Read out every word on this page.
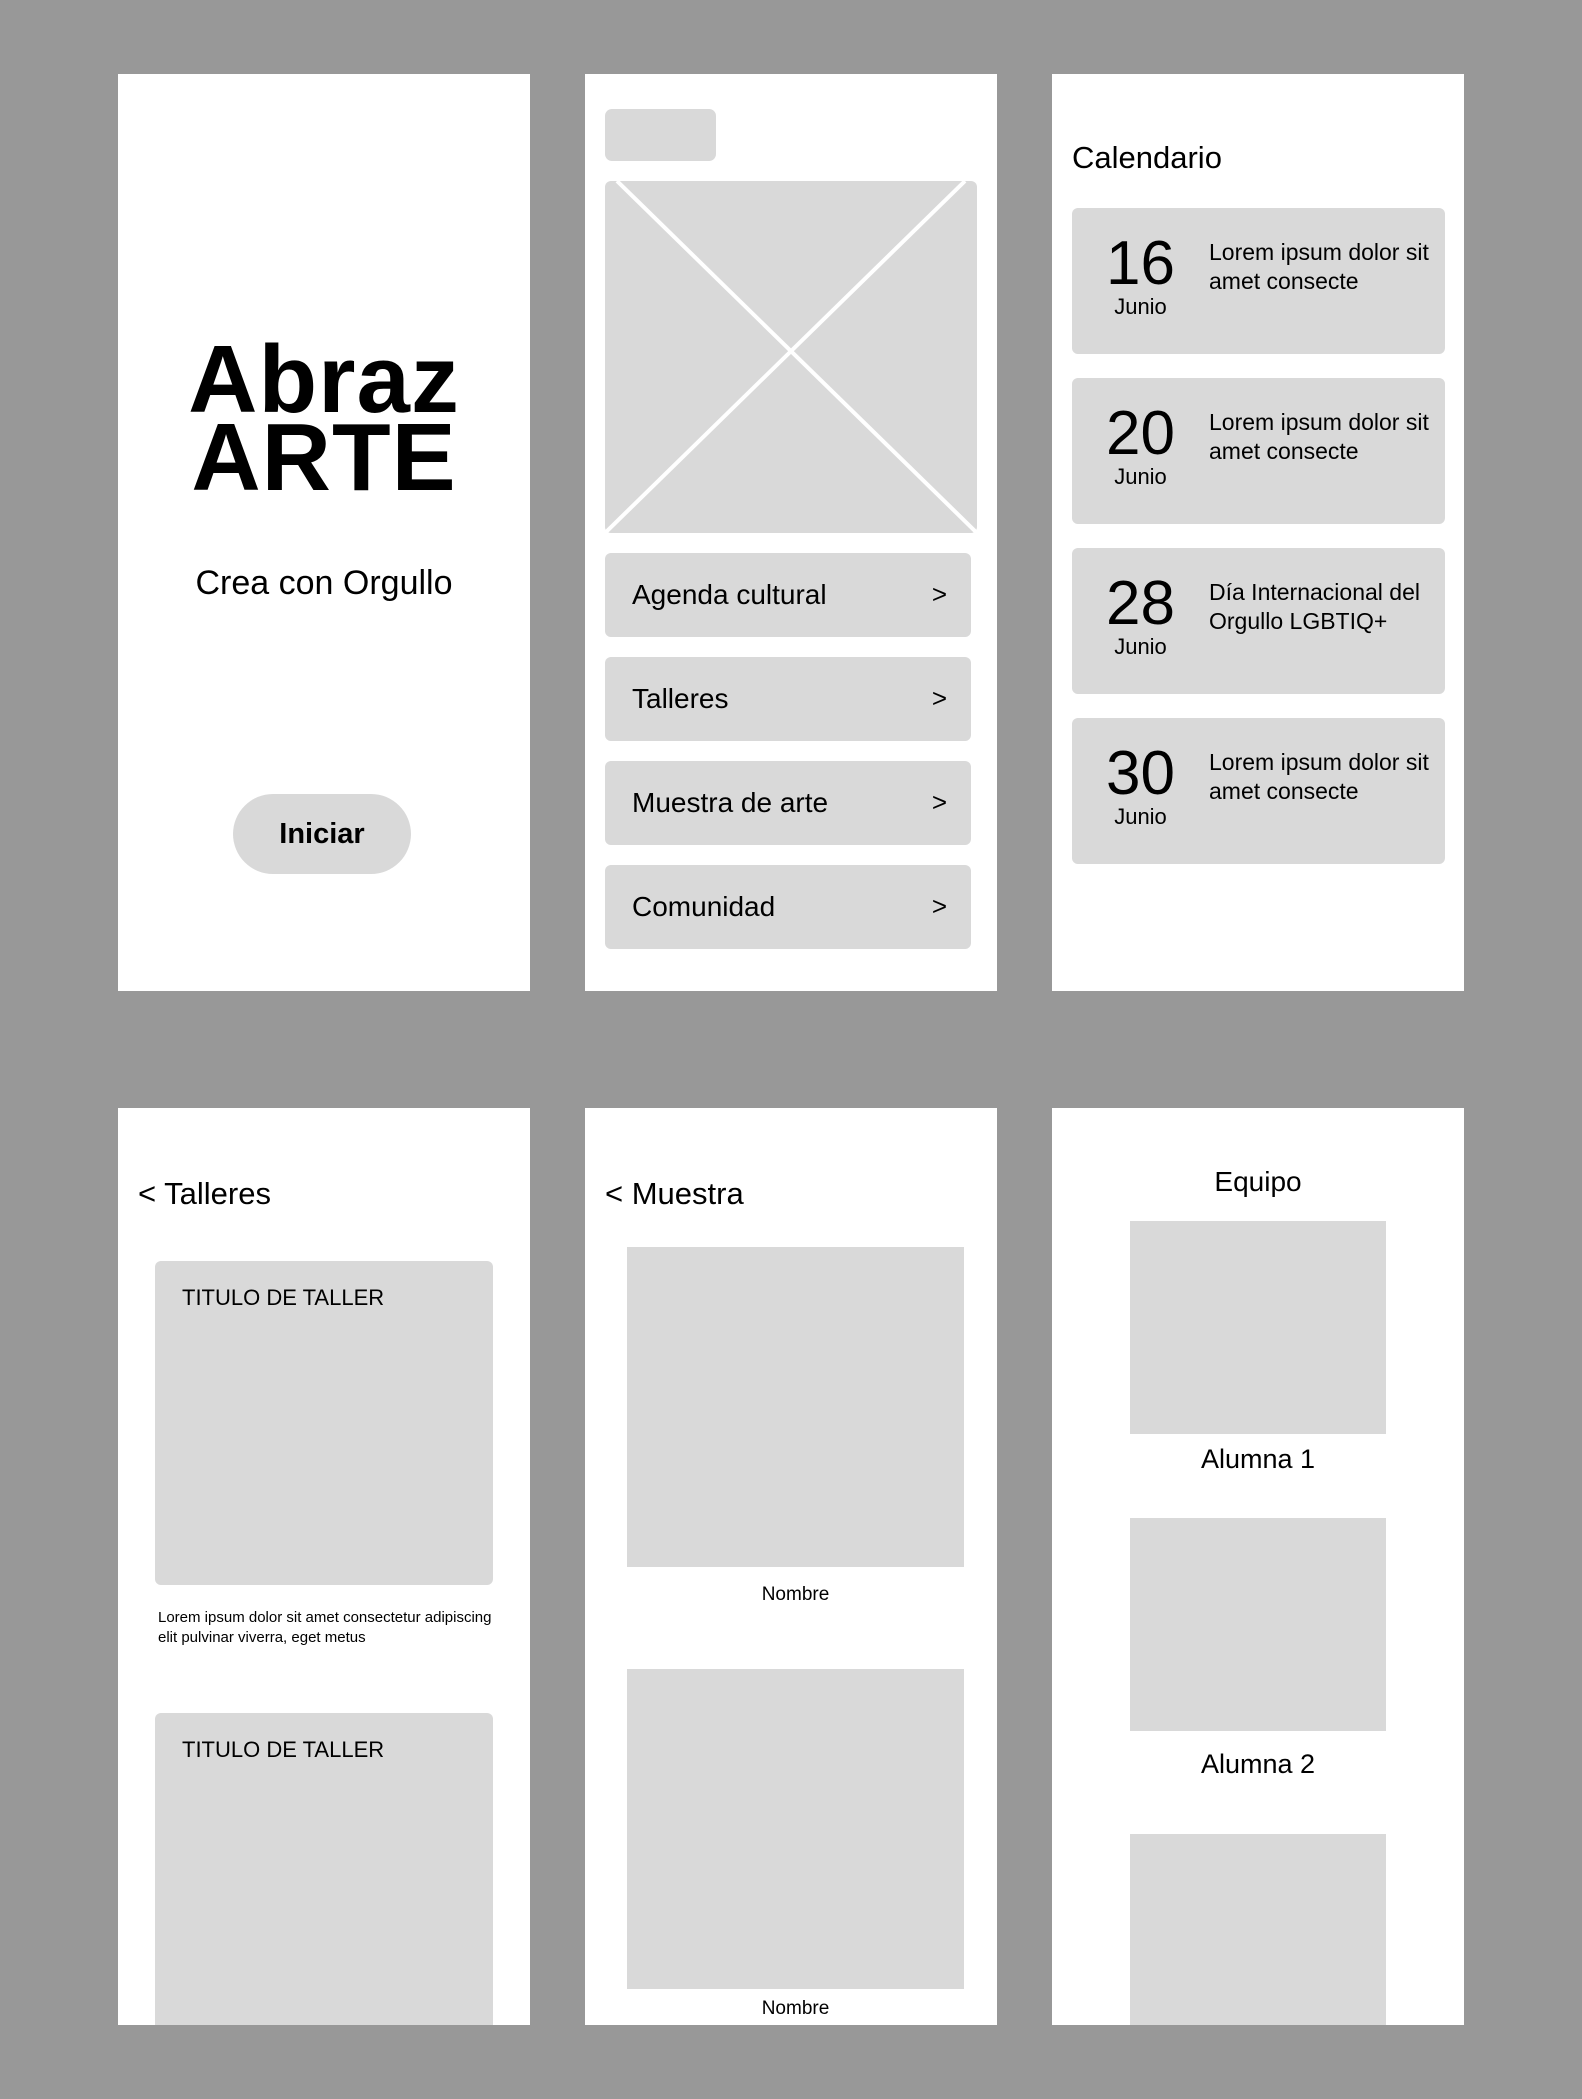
Abraz
ARTE
Crea con Orgullo
Iniciar
Agenda cultural	>
Talleres	>
Muestra de arte	>
Comunidad	>
Calendario
16
Junio
Lorem ipsum dolor sit amet consecte
20
Junio
Lorem ipsum dolor sit amet consecte
28
Junio
Día Internacional del Orgullo LGBTIQ+
30
Junio
Lorem ipsum dolor sit amet consecte
< Talleres
TITULO DE TALLER
Lorem ipsum dolor sit amet consectetur adipiscing elit pulvinar viverra, eget metus
TITULO DE TALLER
< Muestra
Nombre
Nombre
Equipo
Alumna 1
Alumna 2
